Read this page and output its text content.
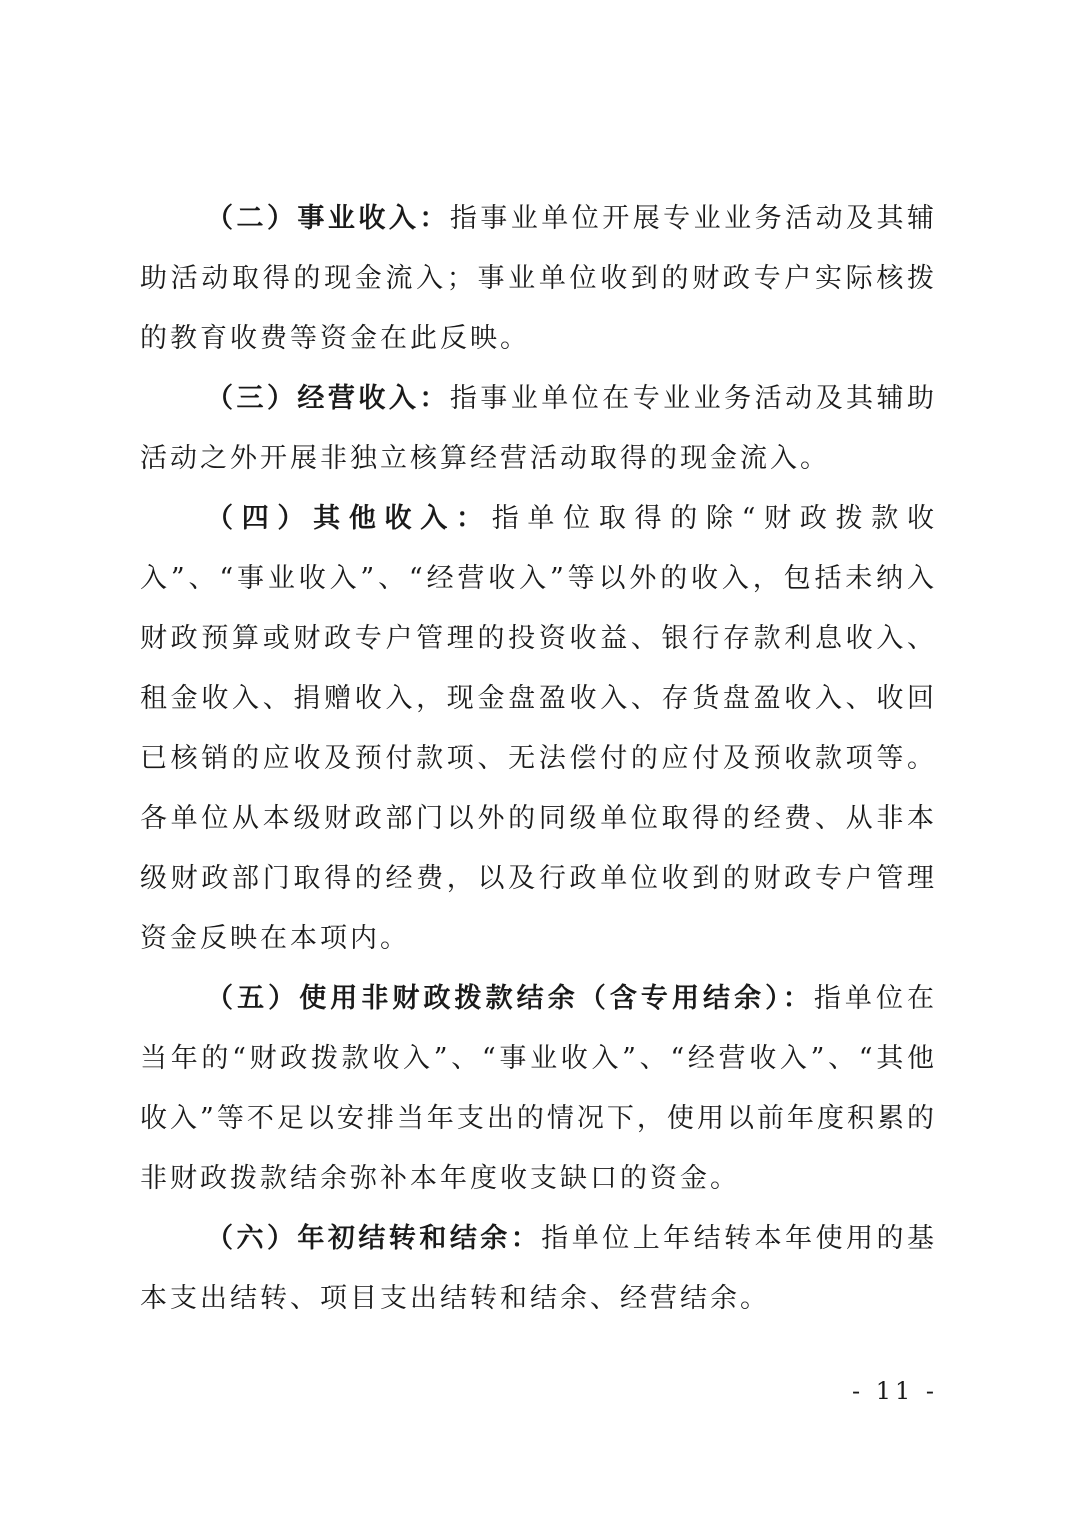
（二）事业收入：指事业单位开展专业业务活动及其辅助活动取得的现金流入；事业单位收到的财政专户实际核拨的教育收费等资金在此反映。

（三）经营收入：指事业单位在专业业务活动及其辅助活动之外开展非独立核算经营活动取得的现金流入。

（四）其他收入：指单位取得的除“财政拨款收入”、“事业收入”、“经营收入”等以外的收入，包括未纳入财政预算或财政专户管理的投资收益、银行存款利息收入、租金收入、捐赠收入，现金盘盈收入、存货盘盈收入、收回已核销的应收及预付款项、无法偿付的应付及预收款项等。各单位从本级财政部门以外的同级单位取得的经费、从非本级财政部门取得的经费，以及行政单位收到的财政专户管理资金反映在本项内。

（五）使用非财政拨款结余（含专用结余）：指单位在当年的“财政拨款收入”、“事业收入”、“经营收入”、“其他收入”等不足以安排当年支出的情况下，使用以前年度积累的非财政拨款结余弥补本年度收支缺口的资金。

（六）年初结转和结余：指单位上年结转本年使用的基本支出结转、项目支出结转和结余、经营结余。

- 11 -
